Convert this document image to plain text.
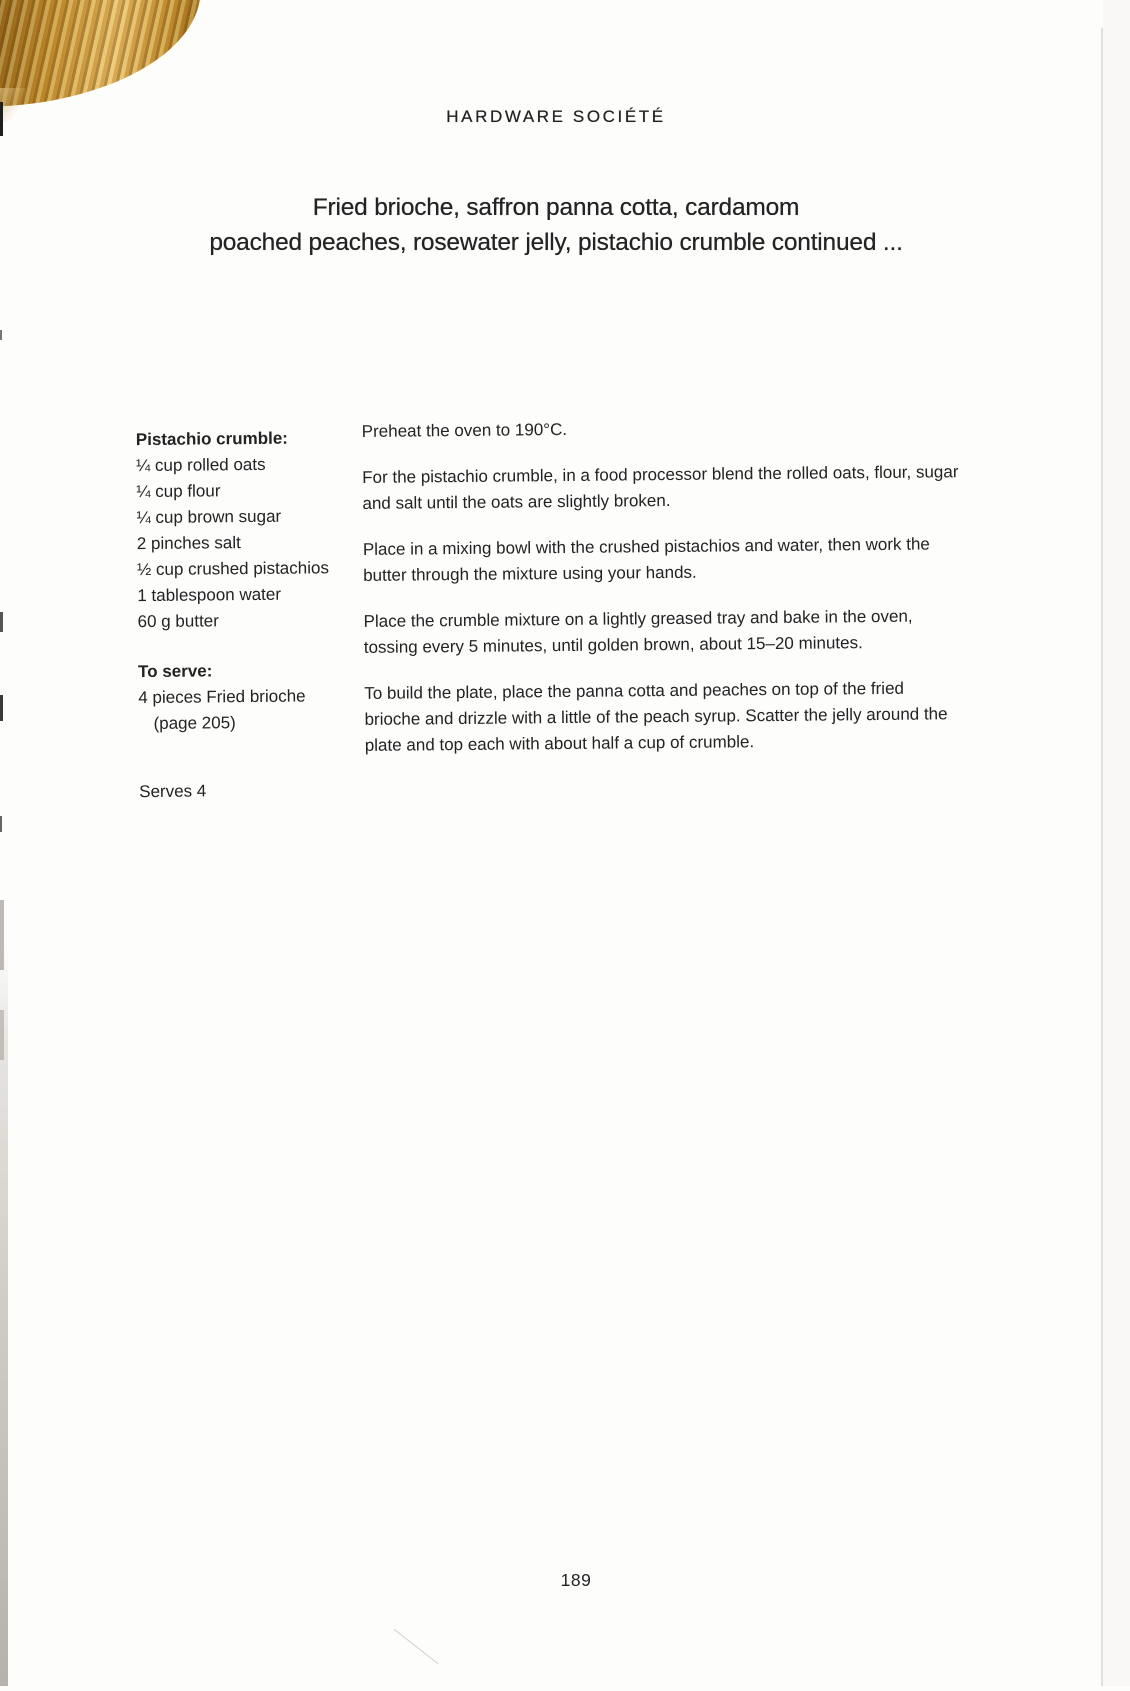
HARDWARE SOCIÉTÉ
Fried brioche, saffron panna cotta, cardamom
poached peaches, rosewater jelly, pistachio crumble continued ...
Pistachio crumble:
¼ cup rolled oats
¼ cup flour
¼ cup brown sugar
2 pinches salt
½ cup crushed pistachios
1 tablespoon water
60 g butter
To serve:
4 pieces Fried brioche
(page 205)
Serves 4

Preheat the oven to 190°C.

For the pistachio crumble, in a food processor blend the rolled oats, flour, sugar and salt until the oats are slightly broken.

Place in a mixing bowl with the crushed pistachios and water, then work the butter through the mixture using your hands.

Place the crumble mixture on a lightly greased tray and bake in the oven, tossing every 5 minutes, until golden brown, about 15–20 minutes.

To build the plate, place the panna cotta and peaches on top of the fried brioche and drizzle with a little of the peach syrup. Scatter the jelly around the plate and top each with about half a cup of crumble.

189
